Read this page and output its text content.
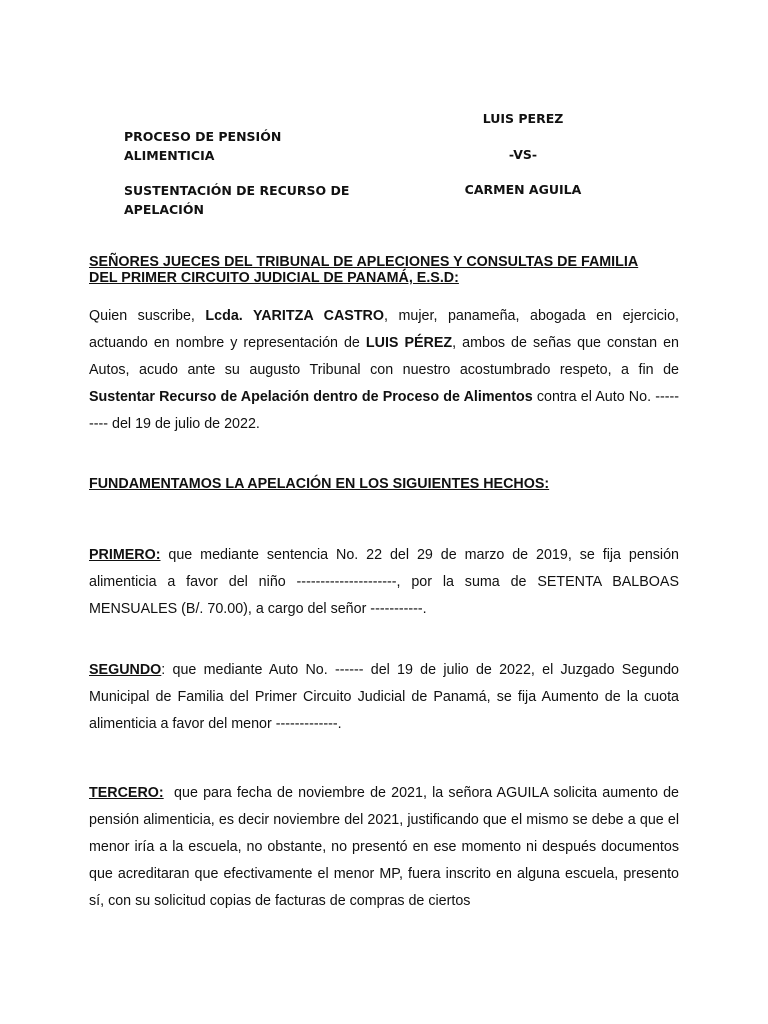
PROCESO DE PENSIÓN
ALIMENTICIA
SUSTENTACIÓN DE RECURSO DE
APELACIÓN
LUIS PEREZ
-VS-
CARMEN AGUILA
SEÑORES JUECES DEL TRIBUNAL DE APLECIONES Y CONSULTAS DE FAMILIA
DEL PRIMER CIRCUITO JUDICIAL DE PANAMÁ, E.S.D:

Quien suscribe, Lcda. YARITZA CASTRO, mujer, panameña, abogada en ejercicio, actuando en nombre y representación de LUIS PÉREZ, ambos de señas que constan en Autos, acudo ante su augusto Tribunal con nuestro acostumbrado respeto, a fin de Sustentar Recurso de Apelación dentro de Proceso de Alimentos contra el Auto No. --------- del 19 de julio de 2022.

FUNDAMENTAMOS LA APELACIÓN EN LOS SIGUIENTES HECHOS:

PRIMERO: que mediante sentencia No. 22 del 29 de marzo de 2019, se fija pensión alimenticia a favor del niño ---------------------, por la suma de SETENTA BALBOAS MENSUALES (B/. 70.00), a cargo del señor -----------.

SEGUNDO: que mediante Auto No. ------ del 19 de julio de 2022, el Juzgado Segundo Municipal de Familia del Primer Circuito Judicial de Panamá, se fija Aumento de la cuota alimenticia a favor del menor -------------.

TERCERO:  que para fecha de noviembre de 2021, la señora AGUILA solicita aumento de pensión alimenticia, es decir noviembre del 2021, justificando que el mismo se debe a que el menor iría a la escuela, no obstante, no presentó en ese momento ni después documentos que acreditaran que efectivamente el menor MP, fuera inscrito en alguna escuela, presento sí, con su solicitud copias de facturas de compras de ciertos
